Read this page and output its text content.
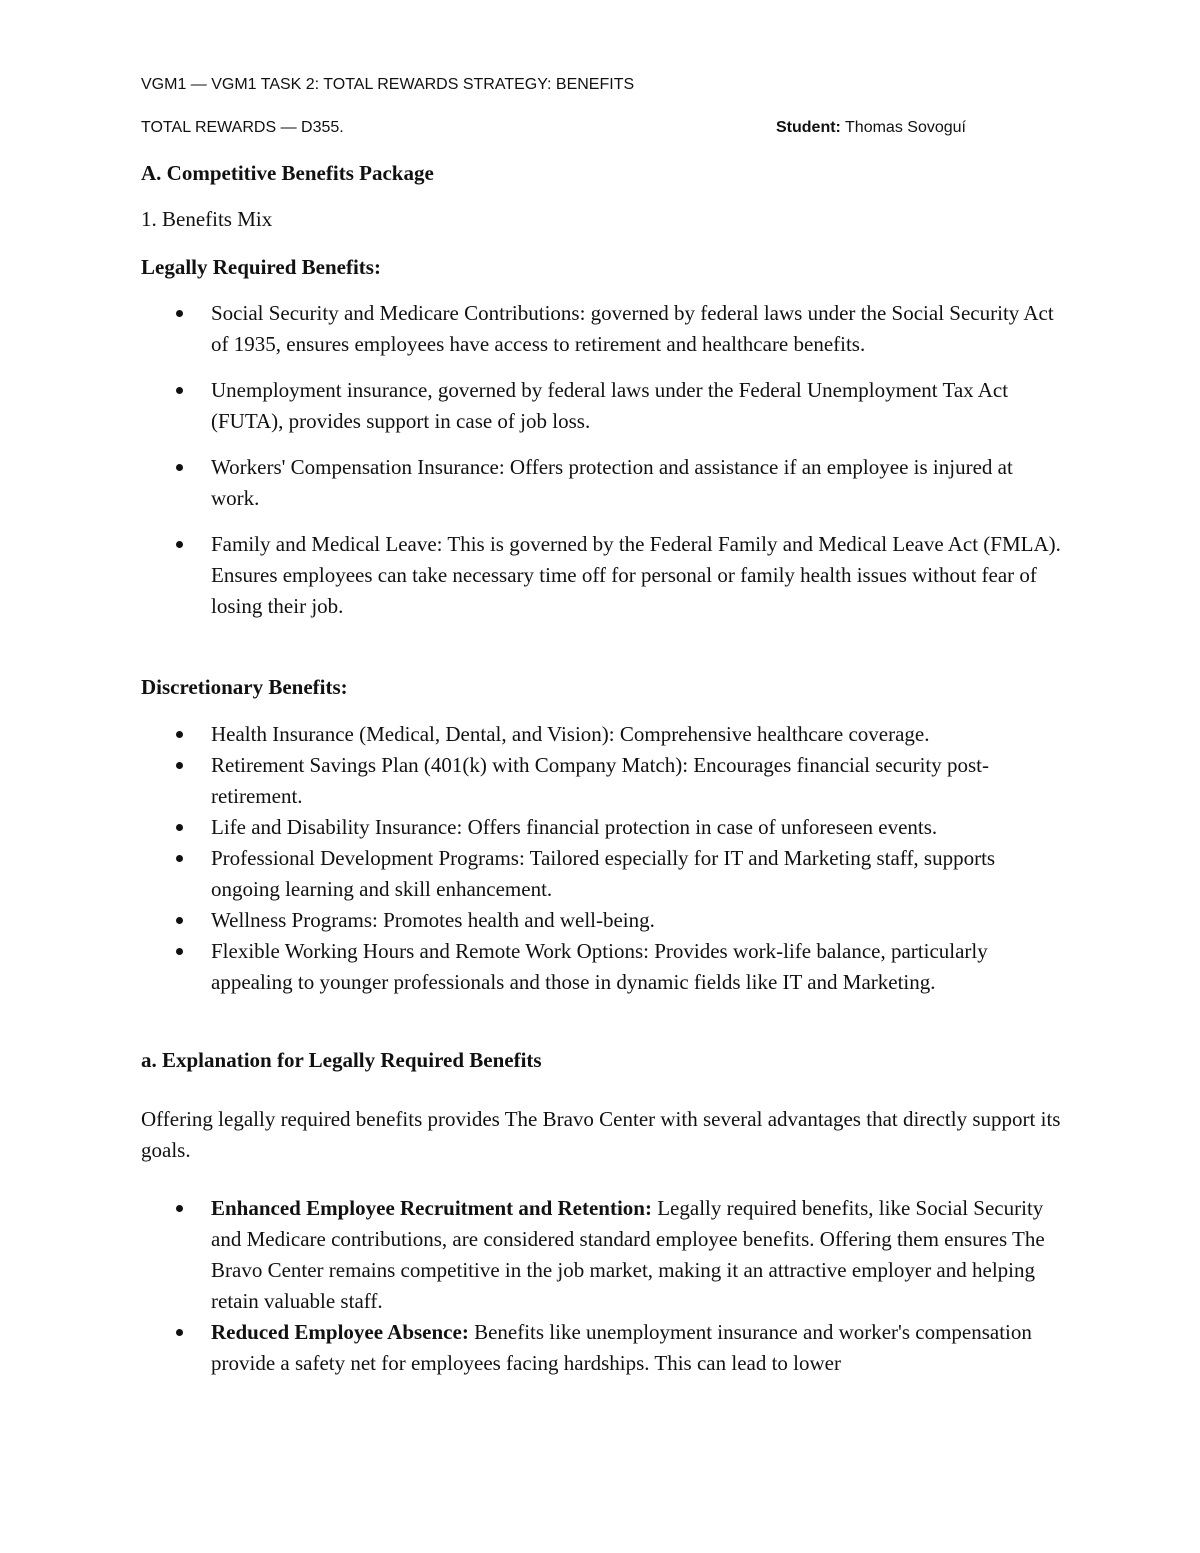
VGM1 — VGM1 TASK 2: TOTAL REWARDS STRATEGY: BENEFITS
TOTAL REWARDS — D355.	Student: Thomas Sovoguí
A. Competitive Benefits Package
1. Benefits Mix
Legally Required Benefits:
Social Security and Medicare Contributions: governed by federal laws under the Social Security Act of 1935, ensures employees have access to retirement and healthcare benefits.
Unemployment insurance, governed by federal laws under the Federal Unemployment Tax Act (FUTA), provides support in case of job loss.
Workers' Compensation Insurance: Offers protection and assistance if an employee is injured at work.
Family and Medical Leave: This is governed by the Federal Family and Medical Leave Act (FMLA). Ensures employees can take necessary time off for personal or family health issues without fear of losing their job.
Discretionary Benefits:
Health Insurance (Medical, Dental, and Vision): Comprehensive healthcare coverage.
Retirement Savings Plan (401(k) with Company Match): Encourages financial security post-retirement.
Life and Disability Insurance: Offers financial protection in case of unforeseen events.
Professional Development Programs: Tailored especially for IT and Marketing staff, supports ongoing learning and skill enhancement.
Wellness Programs: Promotes health and well-being.
Flexible Working Hours and Remote Work Options: Provides work-life balance, particularly appealing to younger professionals and those in dynamic fields like IT and Marketing.
a. Explanation for Legally Required Benefits

Offering legally required benefits provides The Bravo Center with several advantages that directly support its goals.

Enhanced Employee Recruitment and Retention: Legally required benefits, like Social Security and Medicare contributions, are considered standard employee benefits. Offering them ensures The Bravo Center remains competitive in the job market, making it an attractive employer and helping retain valuable staff.
Reduced Employee Absence: Benefits like unemployment insurance and worker's compensation provide a safety net for employees facing hardships. This can lead to lower
